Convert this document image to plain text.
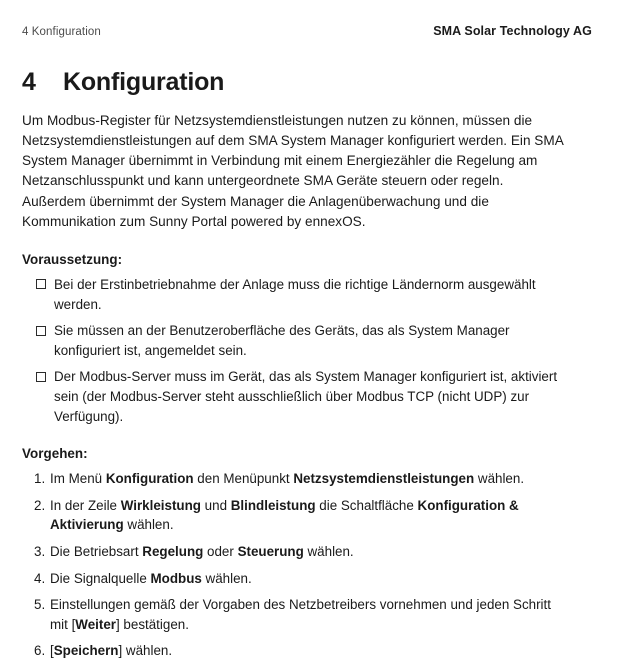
4 Konfiguration	SMA Solar Technology AG
4	Konfiguration

Um Modbus-Register für Netzsystemdienstleistungen nutzen zu können, müssen die Netzsystemdienstleistungen auf dem SMA System Manager konfiguriert werden. Ein SMA System Manager übernimmt in Verbindung mit einem Energiezähler die Regelung am Netzanschlusspunkt und kann untergeordnete SMA Geräte steuern oder regeln. Außerdem übernimmt der System Manager die Anlagenüberwachung und die Kommunikation zum Sunny Portal powered by ennexOS.

Voraussetzung:
Bei der Erstinbetriebnahme der Anlage muss die richtige Ländernorm ausgewählt werden.
Sie müssen an der Benutzeroberfläche des Geräts, das als System Manager konfiguriert ist, angemeldet sein.
Der Modbus-Server muss im Gerät, das als System Manager konfiguriert ist, aktiviert sein (der Modbus-Server steht ausschließlich über Modbus TCP (nicht UDP) zur Verfügung).
Vorgehen:
1. Im Menü Konfiguration den Menüpunkt Netzsystemdienstleistungen wählen.
2. In der Zeile Wirkleistung und Blindleistung die Schaltfläche Konfiguration & Aktivierung wählen.
3. Die Betriebsart Regelung oder Steuerung wählen.
4. Die Signalquelle Modbus wählen.
5. Einstellungen gemäß der Vorgaben des Netzbetreibers vornehmen und jeden Schritt mit [Weiter] bestätigen.
6. [Speichern] wählen.
